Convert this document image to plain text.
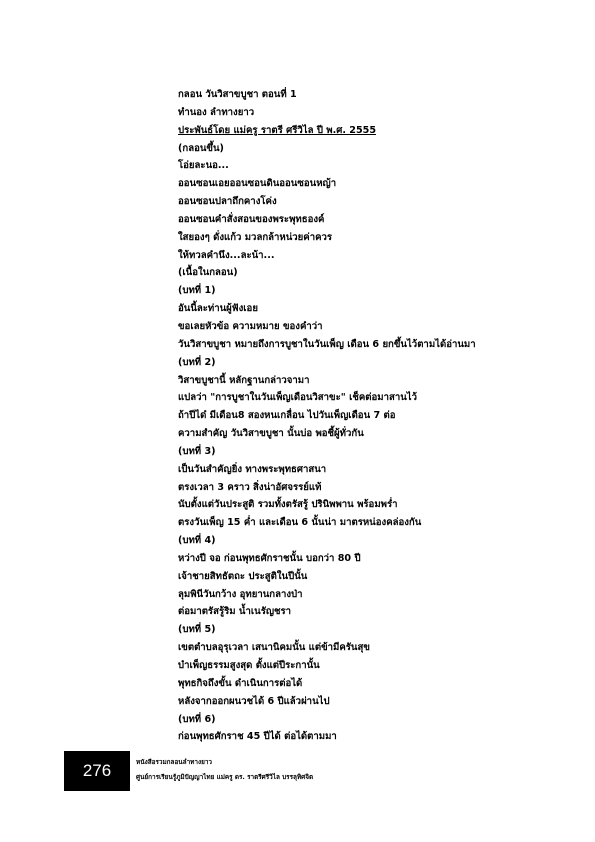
กลอน วันวิสาขบูชา ตอนที่ 1
ทำนอง ลำทางยาว
ประพันธ์โดย แม่ครู ราตรี ศรีวิไล ปี พ.ศ. 2555
(กลอนขึ้น)
โอ่ยละนอ...
ออนซอนเอยออนซอนดินออนซอนหญ้า
ออนซอนปลาถึกคางโค่ง
ออนซอนคำสั่งสอนของพระพุทธองค์
ใสยองๆ ดั่งแก้ว มวลกล้าหน่วยค่าควร
ให้ทวลคำนึง...ละน้า...
(เนื้อในกลอน)
(บทที่ 1)
อันนี้ละท่านผู้ฟังเอย
ขอเลยหัวข้อ ความหมาย ของคำว่า
วันวิสาขบูชา หมายถึงการบูชาในวันเพ็ญ เดือน 6 ยกขึ้นไว้ตามได้อ่านมา
(บทที่ 2)
วิสาขบูชานี้ หลักฐานกล่าวจามา
แปลว่า "การบูชาในวันเพ็ญเดือนวิสาขะ" เช็คต่อมาสานไว้
ถ้าปีได๋ มีเดือน8 สองหนเกลื่อน ไปวันเพ็ญเดือน 7 ต่อ
ความสำคัญ วันวิสาขบูชา นั้นบ่อ พอชี้ผู้ทั่วกัน
(บทที่ 3)
เป็นวันสำคัญยิ่ง ทางพระพุทธศาสนา
ตรงเวลา 3 คราว สิ่งน่าอัศจรรย์แท้
นับตั้งแต่วันประสูติ รวมทั้งตรัสรู้ ปรินิพพาน พร้อมพร่ำ
ตรงวันเพ็ญ 15 ค่ำ และเดือน 6 นั้นน่า มาตรหน่องคล่องกัน
(บทที่ 4)
หว่างปี จอ ก่อนพุทธศักราชนั้น บอกว่า 80 ปี
เจ้าชายสิทธัตถะ ประสูติในปีนั้น
ลุมพินีวันกว้าง อุทยานกลางป่า
ต่อมาตรัสรู้ริม น้ำเนรัญชรา
(บทที่ 5)
เขตตำบลอุรุเวลา เสนานิคมนั้น แต่ข้ามีครันสุข
บำเพ็ญธรรมสูงสุด ตั้งแต่ปีระกานั้น
พุทธกิจถึงขั้น ดำเนินการต่อได้
หลังจากออกผนวชได้ 6 ปีแล้วผ่านไป
(บทที่ 6)
ก่อนพุทธศักราช 45 ปีได้ ต่อได้ตามมา
276	หนังสือรวมกลอนลำทางยาว
ศูนย์การเรียนรู้ภูมิปัญญาไทย แม่ครู ดร. ราตรีศรีวิไล บรรลุทิศจิต
